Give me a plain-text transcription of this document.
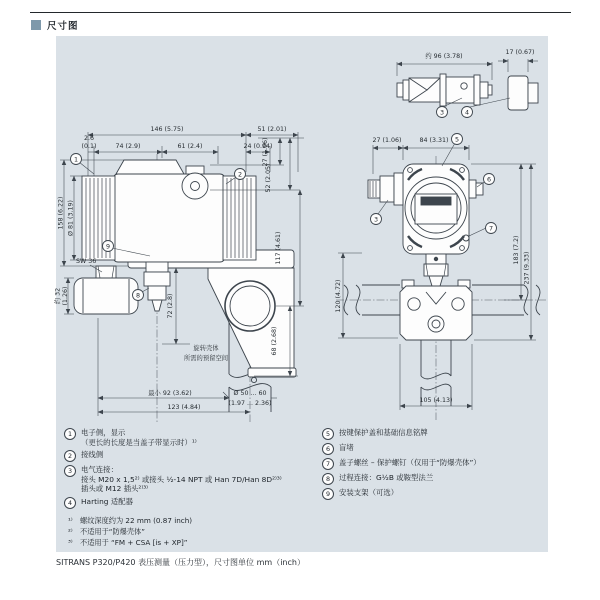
尺寸图
约 96 (3.78)
17 (0.67)
3	4
146 (5.75)	51 (2.01)
2.6
(0.1)	74 (2.9)	61 (2.4)	24 (0.94)
27 (1.06)
52 (2.05)
117 (4.61)
68 (2.68)
158 (6.22) Ø 81 (3.19)
约 32 (1.26)
SW 36
72 (2.8)
旋转壳体
所需的预留空间
最小 92 (3.62)
123 (4.84)
Ø 50 ... 60
(1.97 ... 2.36)
1
2
9
8
27 (1.06)	84 (3.31)
183 (7.2)
237 (9.33)
120 (4.72)
105 (4.13)
3
5
6
7
1	电子侧，显示
（更长的长度是当盖子带显示时）¹⁾
2	接线侧
3	电气连接：
接头 M20 x 1,5²⁾ 或接头 ½-14 NPT 或 Han 7D/Han 8D²⁾³⁾
插头或 M12 插头²⁾³⁾
4	Harting 适配器
5	按键保护盖和基础信息铭牌
6	盲堵
7	盖子螺丝 – 保护螺钉（仅用于“防爆壳体”）
8	过程连接：G½B 或鞍型法兰
9	安装支架（可选）
¹⁾ 螺纹深度约为 22 mm (0.87 inch)
²⁾ 不适用于“防爆壳体”
³⁾ 不适用于 “FM + CSA [is + XP]”
SITRANS P320/P420 表压测量（压力型），尺寸图单位 mm（inch）
